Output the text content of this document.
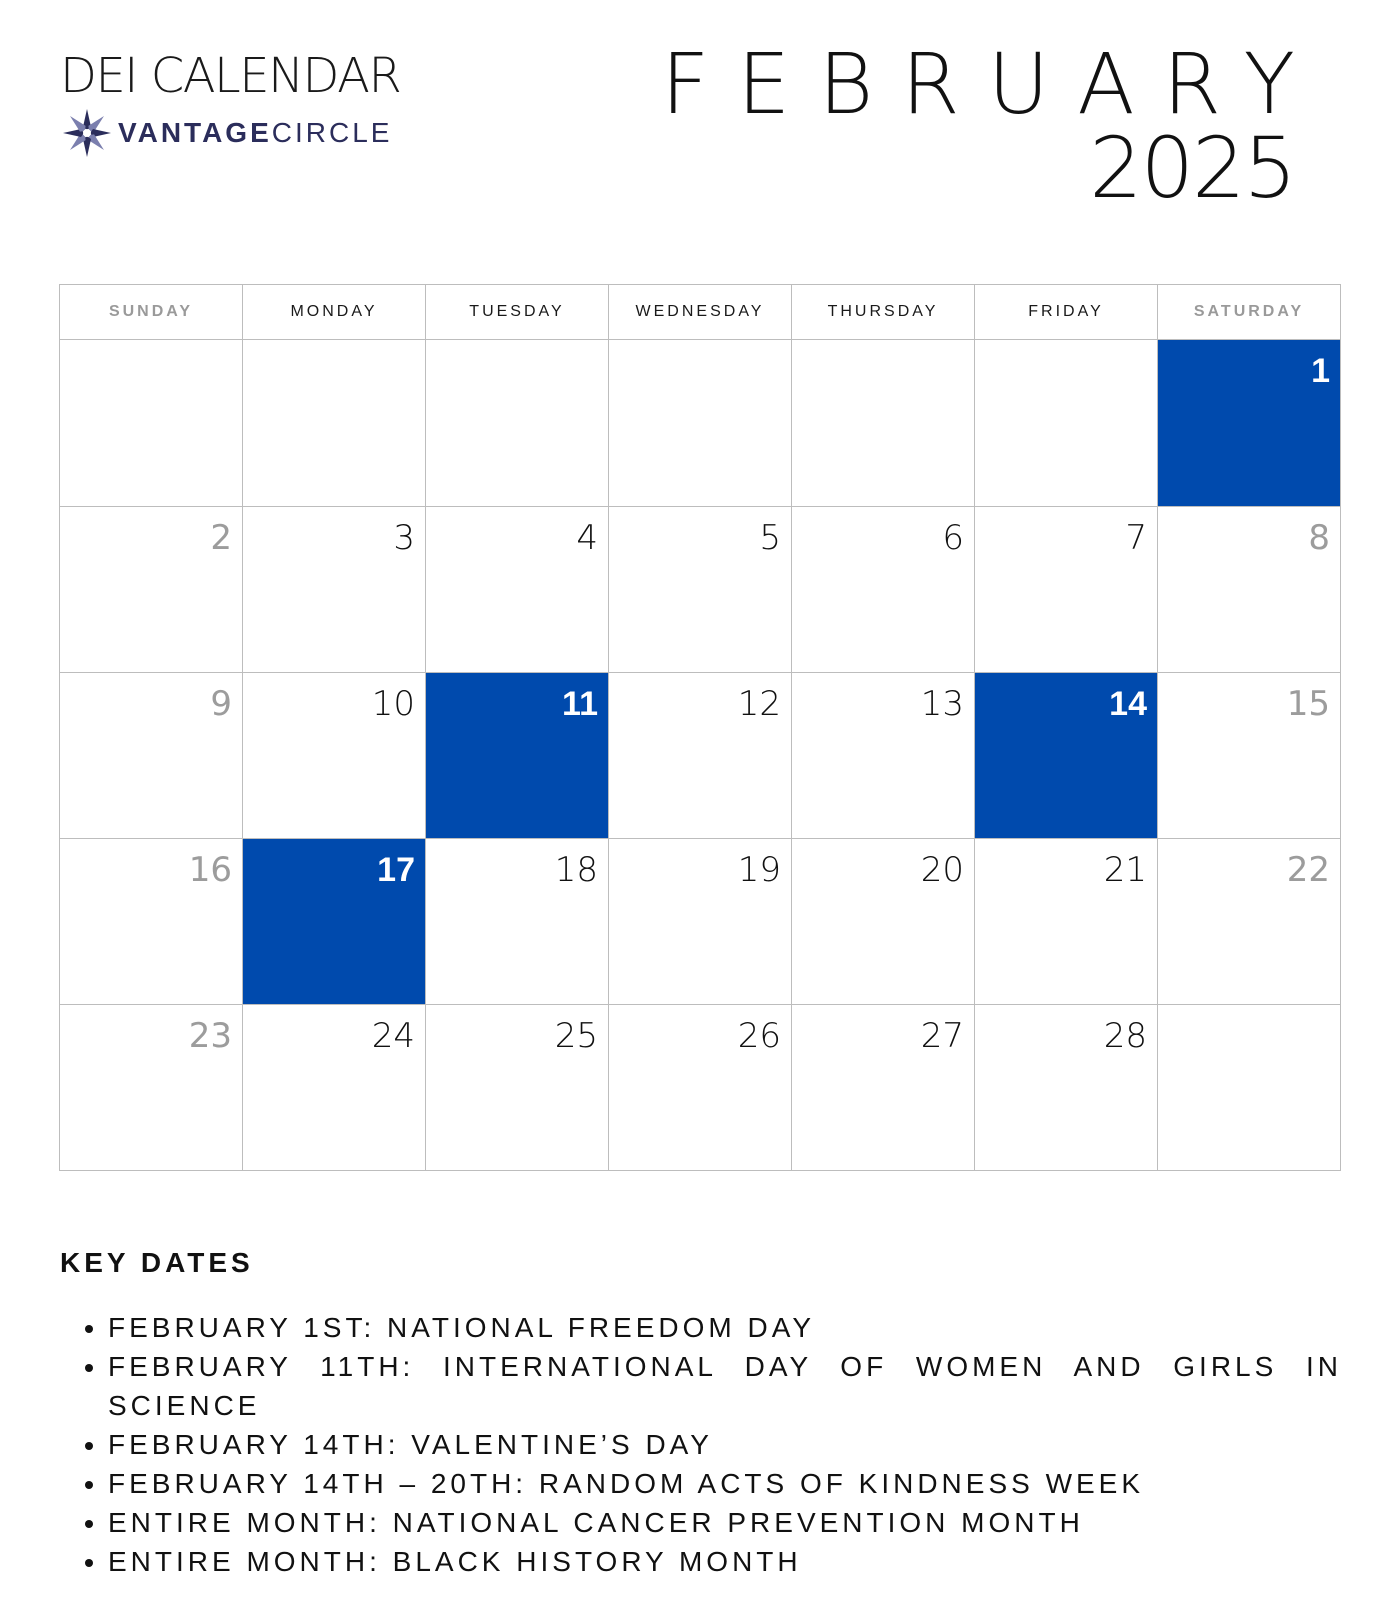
DEI CALENDAR
VANTAGECIRCLE	FEBRUARY
2025
SUNDAY	MONDAY	TUESDAY	WEDNESDAY	THURSDAY	FRIDAY	SATURDAY

						1

2	3	4	5	6	7	8

9	10	11	12	13	14	15

16	17	18	19	20	21	22

23	24	25	26	27	28	

KEY DATES
• FEBRUARY 1ST: NATIONAL FREEDOM DAY
• FEBRUARY 11TH: INTERNATIONAL DAY OF WOMEN AND GIRLS IN SCIENCE
• FEBRUARY 14TH: VALENTINE’S DAY
• FEBRUARY 14TH – 20TH: RANDOM ACTS OF KINDNESS WEEK
• ENTIRE MONTH: NATIONAL CANCER PREVENTION MONTH
• ENTIRE MONTH: BLACK HISTORY MONTH
